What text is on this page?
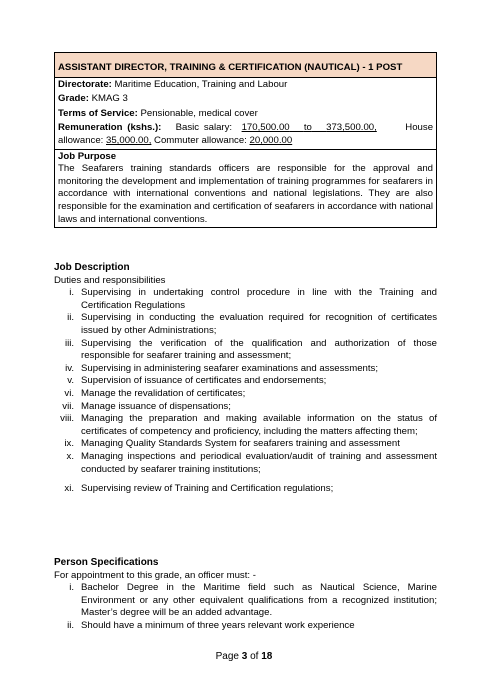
ASSISTANT DIRECTOR, TRAINING & CERTIFICATION (NAUTICAL) - 1 POST
Directorate: Maritime Education, Training and Labour
Grade: KMAG 3
Terms of Service: Pensionable, medical cover
Remuneration (kshs.): Basic salary: 170,500.00 to 373,500.00,	House allowance: 35,000.00, Commuter allowance: 20,000.00
Job Purpose
The Seafarers training standards officers are responsible for the approval and monitoring the development and implementation of training programmes for seafarers in accordance with international conventions and national legislations. They are also responsible for the examination and certification of seafarers in accordance with national laws and international conventions.
Job Description
Duties and responsibilities
i. Supervising in undertaking control procedure in line with the Training and Certification Regulations
ii. Supervising in conducting the evaluation required for recognition of certificates issued by other Administrations;
iii. Supervising the verification of the qualification and authorization of those responsible for seafarer training and assessment;
iv. Supervising in administering seafarer examinations and assessments;
v. Supervision of issuance of certificates and endorsements;
vi. Manage the revalidation of certificates;
vii. Manage issuance of dispensations;
viii. Managing the preparation and making available information on the status of certificates of competency and proficiency, including the matters affecting them;
ix. Managing Quality Standards System for seafarers training and assessment
x. Managing inspections and periodical evaluation/audit of training and assessment conducted by seafarer training institutions;
xi. Supervising review of Training and Certification regulations;
Person Specifications
For appointment to this grade, an officer must: -
i. Bachelor Degree in the Maritime field such as Nautical Science, Marine Environment or any other equivalent qualifications from a recognized institution; Master’s degree will be an added advantage.
ii. Should have a minimum of three years relevant work experience
Page 3 of 18
